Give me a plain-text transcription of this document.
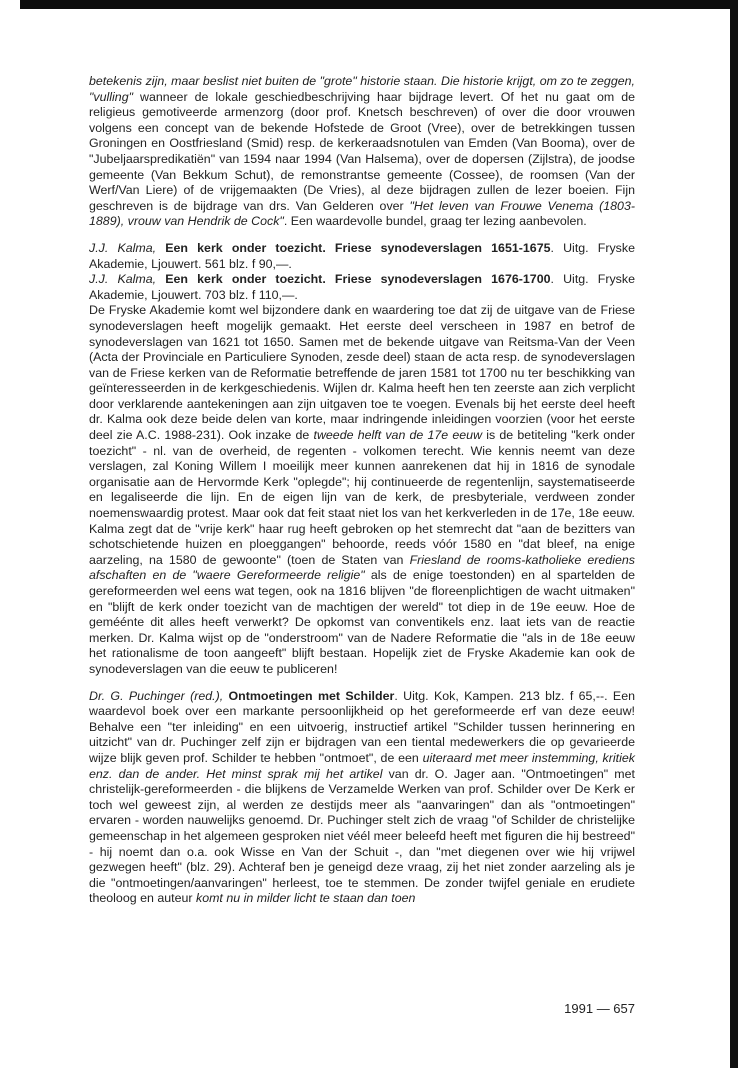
betekenis zijn, maar beslist niet buiten de "grote" historie staan. Die historie krijgt, om zo te zeggen, "vulling" wanneer de lokale geschiedbeschrijving haar bijdrage levert. Of het nu gaat om de religieus gemotiveerde armenzorg (door prof. Knetsch beschreven) of over die door vrouwen volgens een concept van de bekende Hofstede de Groot (Vree), over de betrekkingen tussen Groningen en Oostfriesland (Smid) resp. de kerkeraadsnotulen van Emden (Van Booma), over de "Jubeljaarspredikatiën" van 1594 naar 1994 (Van Halsema), over de dopersen (Zijlstra), de joodse gemeente (Van Bekkum Schut), de remonstrantse gemeente (Cossee), de roomsen (Van der Werf/Van Liere) of de vrijgemaakten (De Vries), al deze bijdragen zullen de lezer boeien. Fijn geschreven is de bijdrage van drs. Van Gelderen over "Het leven van Frouwe Venema (1803-1889), vrouw van Hendrik de Cock". Een waardevolle bundel, graag ter lezing aanbevolen.

J.J. Kalma, Een kerk onder toezicht. Friese synodeverslagen 1651-1675. Uitg. Fryske Akademie, Ljouwert. 561 blz. f 90,—.

J.J. Kalma, Een kerk onder toezicht. Friese synodeverslagen 1676-1700. Uitg. Fryske Akademie, Ljouwert. 703 blz. f 110,—.

De Fryske Akademie komt wel bijzondere dank en waardering toe dat zij de uitgave van de Friese synodeverslagen heeft mogelijk gemaakt. Het eerste deel verscheen in 1987 en betrof de synodeverslagen van 1621 tot 1650. Samen met de bekende uitgave van Reitsma-Van der Veen (Acta der Provinciale en Particuliere Synoden, zesde deel) staan de acta resp. de synodeverslagen van de Friese kerken van de Reformatie betreffende de jaren 1581 tot 1700 nu ter beschikking van geïnteresseerden in de kerkgeschiedenis. Wijlen dr. Kalma heeft hen ten zeerste aan zich verplicht door verklarende aantekeningen aan zijn uitgaven toe te voegen. Evenals bij het eerste deel heeft dr. Kalma ook deze beide delen van korte, maar indringende inleidingen voorzien (voor het eerste deel zie A.C. 1988-231). Ook inzake de tweede helft van de 17e eeuw is de betiteling "kerk onder toezicht" - nl. van de overheid, de regenten - volkomen terecht. Wie kennis neemt van deze verslagen, zal Koning Willem I moeilijk meer kunnen aanrekenen dat hij in 1816 de synodale organisatie aan de Hervormde Kerk "oplegde"; hij continueerde de regentenlijn, saystematiseerde en legaliseerde die lijn. En de eigen lijn van de kerk, de presbyteriale, verdween zonder noemenswaardig protest. Maar ook dat feit staat niet los van het kerkverleden in de 17e, 18e eeuw. Kalma zegt dat de "vrije kerk" haar rug heeft gebroken op het stemrecht dat "aan de bezitters van schotschietende huizen en ploeggangen" behoorde, reeds vóór 1580 en "dat bleef, na enige aarzeling, na 1580 de gewoonte" (toen de Staten van Friesland de rooms-katholieke erediens afschaften en de "waere Gereformeerde religie" als de enige toestonden) en al spartelden de gereformeerden wel eens wat tegen, ook na 1816 blijven "de floreenplichtigen de wacht uitmaken" en "blijft de kerk onder toezicht van de machtigen der wereld" tot diep in de 19e eeuw. Hoe de geméénte dit alles heeft verwerkt? De opkomst van conventikels enz. laat iets van de reactie merken. Dr. Kalma wijst op de "onderstroom" van de Nadere Reformatie die "als in de 18e eeuw het rationalisme de toon aangeeft" blijft bestaan. Hopelijk ziet de Fryske Akademie kan ook de synodeverslagen van die eeuw te publiceren!

Dr. G. Puchinger (red.), Ontmoetingen met Schilder. Uitg. Kok, Kampen. 213 blz. f 65,--. Een waardevol boek over een markante persoonlijkheid op het gereformeerde erf van deze eeuw! Behalve een "ter inleiding" en een uitvoerig, instructief artikel "Schilder tussen herinnering en uitzicht" van dr. Puchinger zelf zijn er bijdragen van een tiental medewerkers die op gevarieerde wijze blijk geven prof. Schilder te hebben "ontmoet", de een uiteraard met meer instemming, kritiek enz. dan de ander. Het minst sprak mij het artikel van dr. O. Jager aan. "Ontmoetingen" met christelijk-gereformeerden - die blijkens de Verzamelde Werken van prof. Schilder over De Kerk er toch wel geweest zijn, al werden ze destijds meer als "aanvaringen" dan als "ontmoetingen" ervaren - worden nauwelijks genoemd. Dr. Puchinger stelt zich de vraag "of Schilder de christelijke gemeenschap in het algemeen gesproken niet véél meer beleefd heeft met figuren die hij bestreed" - hij noemt dan o.a. ook Wisse en Van der Schuit -, dan "met diegenen over wie hij vrijwel gezwegen heeft" (blz. 29). Achteraf ben je geneigd deze vraag, zij het niet zonder aarzeling als je die "ontmoetingen/aanvaringen" herleest, toe te stemmen. De zonder twijfel geniale en erudiete theoloog en auteur komt nu in milder licht te staan dan toen

1991 — 657
